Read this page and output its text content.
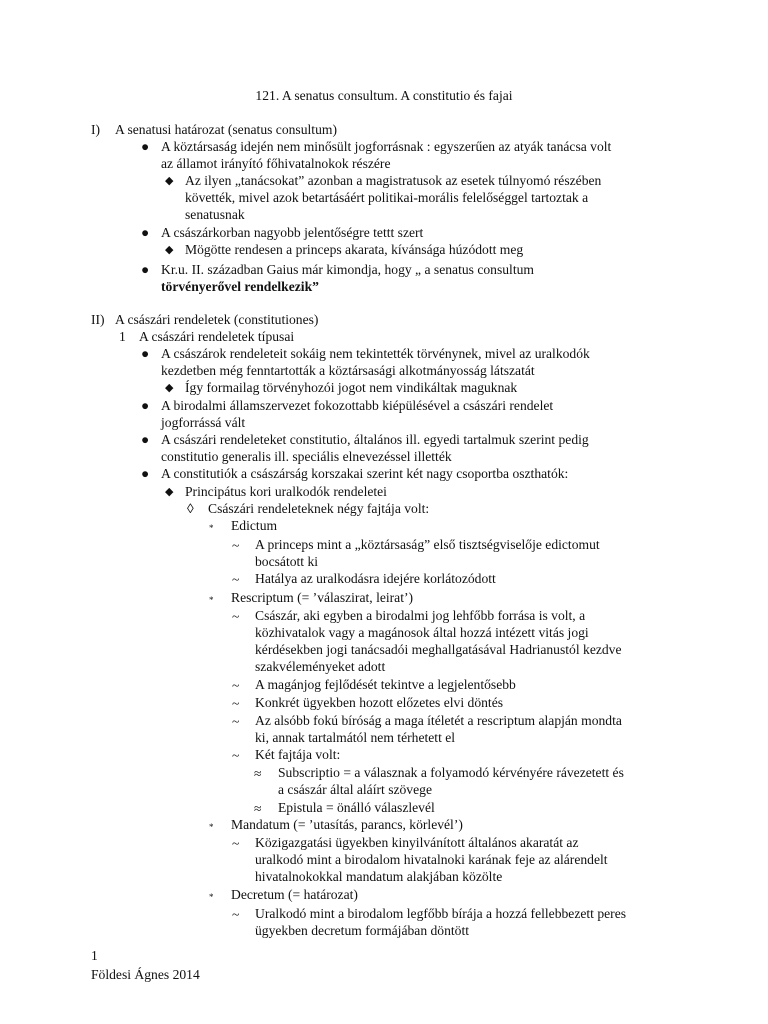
121. A senatus consultum. A constitutio és fajai
I) A senatusi határozat (senatus consultum)
● A köztársaság idején nem minősült jogforrásnak : egyszerűen az atyák tanácsa volt
az államot irányító főhivatalnokok részére
◆ Az ilyen „tanácsokat” azonban a magistratusok az esetek túlnyomó részében
követték, mivel azok betartásáért politikai-morális felelőséggel tartoztak a
senatusnak
● A császárkorban nagyobb jelentőségre tettt szert
◆ Mögötte rendesen a princeps akarata, kívánsága húzódott meg
● Kr.u. II. században Gaius már kimondja, hogy „ a senatus consultum
törvényerővel rendelkezik”
II) A császári rendeletek (constitutiones)
1 A császári rendeletek típusai
● A császárok rendeleteit sokáig nem tekintették törvénynek, mivel az uralkodók
kezdetben még fenntartották a köztársasági alkotmányosság látszatát
◆ Így formailag törvényhozói jogot nem vindikáltak maguknak
● A birodalmi államszervezet fokozottabb kiépülésével a császári rendelet
jogforrássá vált
● A császári rendeleteket constitutio, általános ill. egyedi tartalmuk szerint pedig
constitutio generalis ill. speciális elnevezéssel illették
● A constitutiók a császárság korszakai szerint két nagy csoportba oszthatók:
◆ Principátus kori uralkodók rendeletei
◊ Császári rendeleteknek négy fajtája volt:
* Edictum
~ A princeps mint a „köztársaság” első tisztségviselője edictomut
bocsátott ki
~ Hatálya az uralkodásra idejére korlátozódott
* Rescriptum (= ’válaszirat, leirat’)
~ Császár, aki egyben a birodalmi jog lehfőbb forrása is volt, a
közhivatalok vagy a magánosok által hozzá intézett vitás jogi
kérdésekben jogi tanácsadói meghallgatásával Hadrianustól kezdve
szakvéleményeket adott
~ A magánjog fejlődését tekintve a legjelentősebb
~ Konkrét ügyekben hozott előzetes elvi döntés
~ Az alsóbb fokú bíróság a maga ítéletét a rescriptum alapján mondta
ki, annak tartalmától nem térhetett el
~ Két fajtája volt:
≈ Subscriptio = a válasznak a folyamodó kérvényére rávezetett és
a császár által aláírt szövege
≈ Epistula = önálló válaszlevél
* Mandatum (= ’utasítás, parancs, körlevél’)
~ Közigazgatási ügyekben kinyilvánított általános akaratát az
uralkodó mint a birodalom hivatalnoki karának feje az alárendelt
hivatalnokokkal mandatum alakjában közölte
* Decretum (= határozat)
~ Uralkodó mint a birodalom legfőbb bírája a hozzá fellebbezett peres
ügyekben decretum formájában döntött
1
Földesi Ágnes 2014
